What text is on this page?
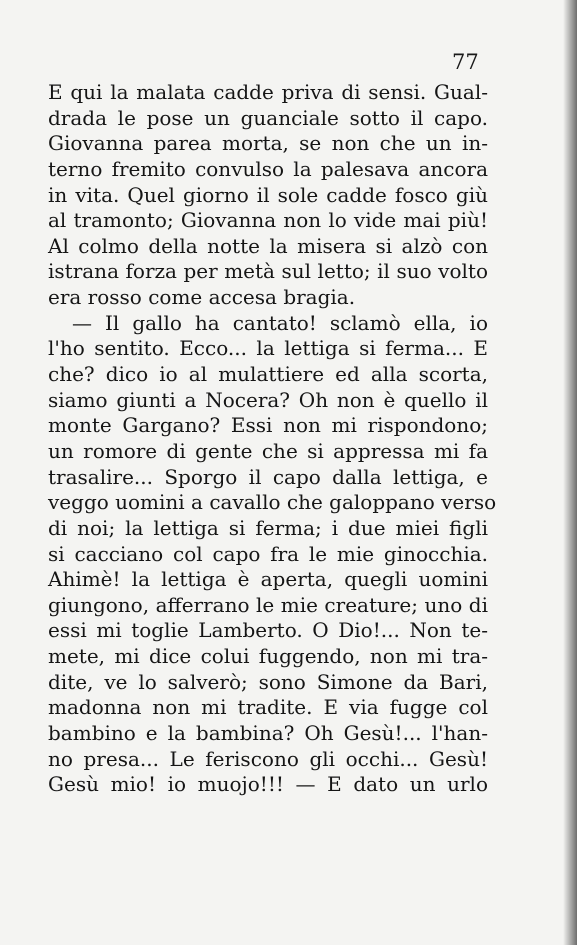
77
E qui la malata cadde priva di sensi. Gual-
drada le pose un guanciale sotto il capo.
Giovanna parea morta, se non che un in-
terno fremito convulso la palesava ancora
in vita. Quel giorno il sole cadde fosco giù
al tramonto; Giovanna non lo vide mai più!
Al colmo della notte la misera si alzò con
istrana forza per metà sul letto; il suo volto
era rosso come accesa bragia.
— Il gallo ha cantato! sclamò ella, io
l'ho sentito. Ecco... la lettiga si ferma... E
che? dico io al mulattiere ed alla scorta,
siamo giunti a Nocera? Oh non è quello il
monte Gargano? Essi non mi rispondono;
un romore di gente che si appressa mi fa
trasalire... Sporgo il capo dalla lettiga, e
veggo uomini a cavallo che galoppano verso
di noi; la lettiga si ferma; i due miei figli
si cacciano col capo fra le mie ginocchia.
Ahimè! la lettiga è aperta, quegli uomini
giungono, afferrano le mie creature; uno di
essi mi toglie Lamberto. O Dio!... Non te-
mete, mi dice colui fuggendo, non mi tra-
dite, ve lo salverò; sono Simone da Bari,
madonna non mi tradite. E via fugge col
bambino e la bambina? Oh Gesù!... l'han-
no presa... Le feriscono gli occhi... Gesù!
Gesù mio! io muojo!!! — E dato un urlo
